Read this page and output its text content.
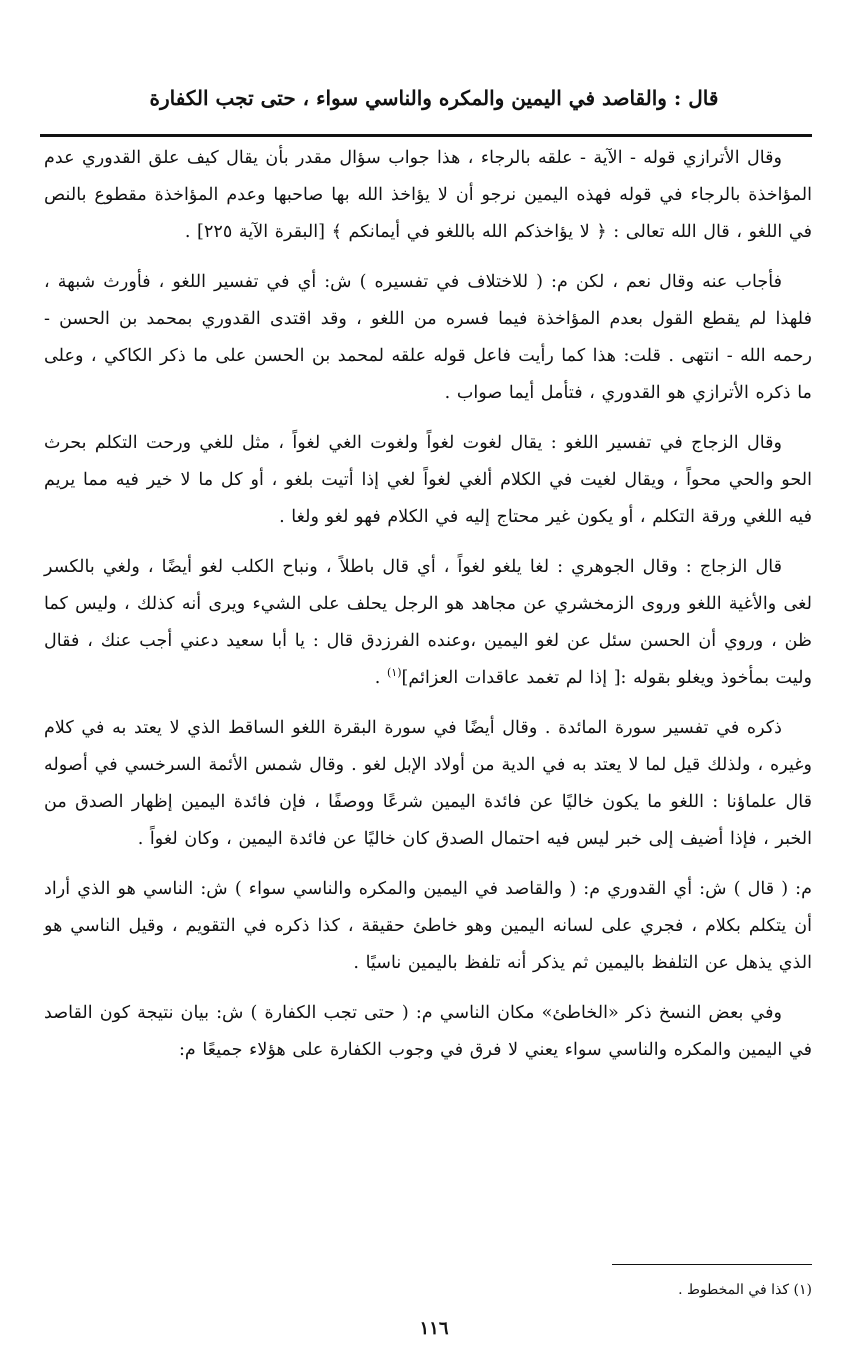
قال : والقاصد في اليمين والمكره والناسي سواء ، حتى تجب الكفارة

وقال الأترازي قوله - الآية - علقه بالرجاء ، هذا جواب سؤال مقدر بأن يقال كيف علق القدوري عدم المؤاخذة بالرجاء في قوله فهذه اليمين نرجو أن لا يؤاخذ الله بها صاحبها وعدم المؤاخذة مقطوع بالنص في اللغو ، قال الله تعالى : ﴿ لا يؤاخذكم الله باللغو في أيمانكم ﴾ [البقرة الآية ٢٢٥] .

فأجاب عنه وقال نعم ، لكن م: ( للاختلاف في تفسيره ) ش: أي في تفسير اللغو ، فأورث شبهة ، فلهذا لم يقطع القول بعدم المؤاخذة فيما فسره من اللغو ، وقد اقتدى القدوري بمحمد بن الحسن - رحمه الله - انتهى . قلت: هذا كما رأيت فاعل قوله علقه لمحمد بن الحسن على ما ذكر الكاكي ، وعلى ما ذكره الأترازي هو القدوري ، فتأمل أيما صواب .

وقال الزجاج في تفسير اللغو : يقال لغوت لغواً ولغوت الغي لغواً ، مثل للغي ورحت التكلم بحرث الحو والحي محواً ، ويقال لغيت في الكلام ألغي لغواً لغي إذا أتيت بلغو ، أو كل ما لا خير فيه مما يريم فيه اللغي ورقة التكلم ، أو يكون غير محتاج إليه في الكلام فهو لغو ولغا .

قال الزجاج : وقال الجوهري : لغا يلغو لغواً ، أي قال باطلاً ، ونباح الكلب لغو أيضًا ، ولغي بالكسر لغى والأغية اللغو وروى الزمخشري عن مجاهد هو الرجل يحلف على الشيء ويرى أنه كذلك ، وليس كما ظن ، وروي أن الحسن سئل عن لغو اليمين ،وعنده الفرزدق قال : يا أبا سعيد دعني أجب عنك ، فقال وليت بمأخوذ ويغلو بقوله :[ إذا لم تغمد عاقدات العزائم]$^{(١)}$ .

ذكره في تفسير سورة المائدة . وقال أيضًا في سورة البقرة اللغو الساقط الذي لا يعتد به في كلام وغيره ، ولذلك قيل لما لا يعتد به في الدية من أولاد الإبل لغو . وقال شمس الأئمة السرخسي في أصوله قال علماؤنا : اللغو ما يكون خاليًا عن فائدة اليمين شرعًا ووصفًا ، فإن فائدة اليمين إظهار الصدق من الخبر ، فإذا أضيف إلى خبر ليس فيه احتمال الصدق كان خاليًا عن فائدة اليمين ، وكان لغواً .

م: ( قال ) ش: أي القدوري م: ( والقاصد في اليمين والمكره والناسي سواء ) ش: الناسي هو الذي أراد أن يتكلم بكلام ، فجري على لسانه اليمين وهو خاطئ حقيقة ، كذا ذكره في التقويم ، وقيل الناسي هو الذي يذهل عن التلفظ باليمين ثم يذكر أنه تلفظ باليمين ناسيًا .

وفي بعض النسخ ذكر «الخاطئ» مكان الناسي م: ( حتى تجب الكفارة ) ش: بيان نتيجة كون القاصد في اليمين والمكره والناسي سواء يعني لا فرق في وجوب الكفارة على هؤلاء جميعًا م:

(١) كذا في المخطوط .
١١٦
